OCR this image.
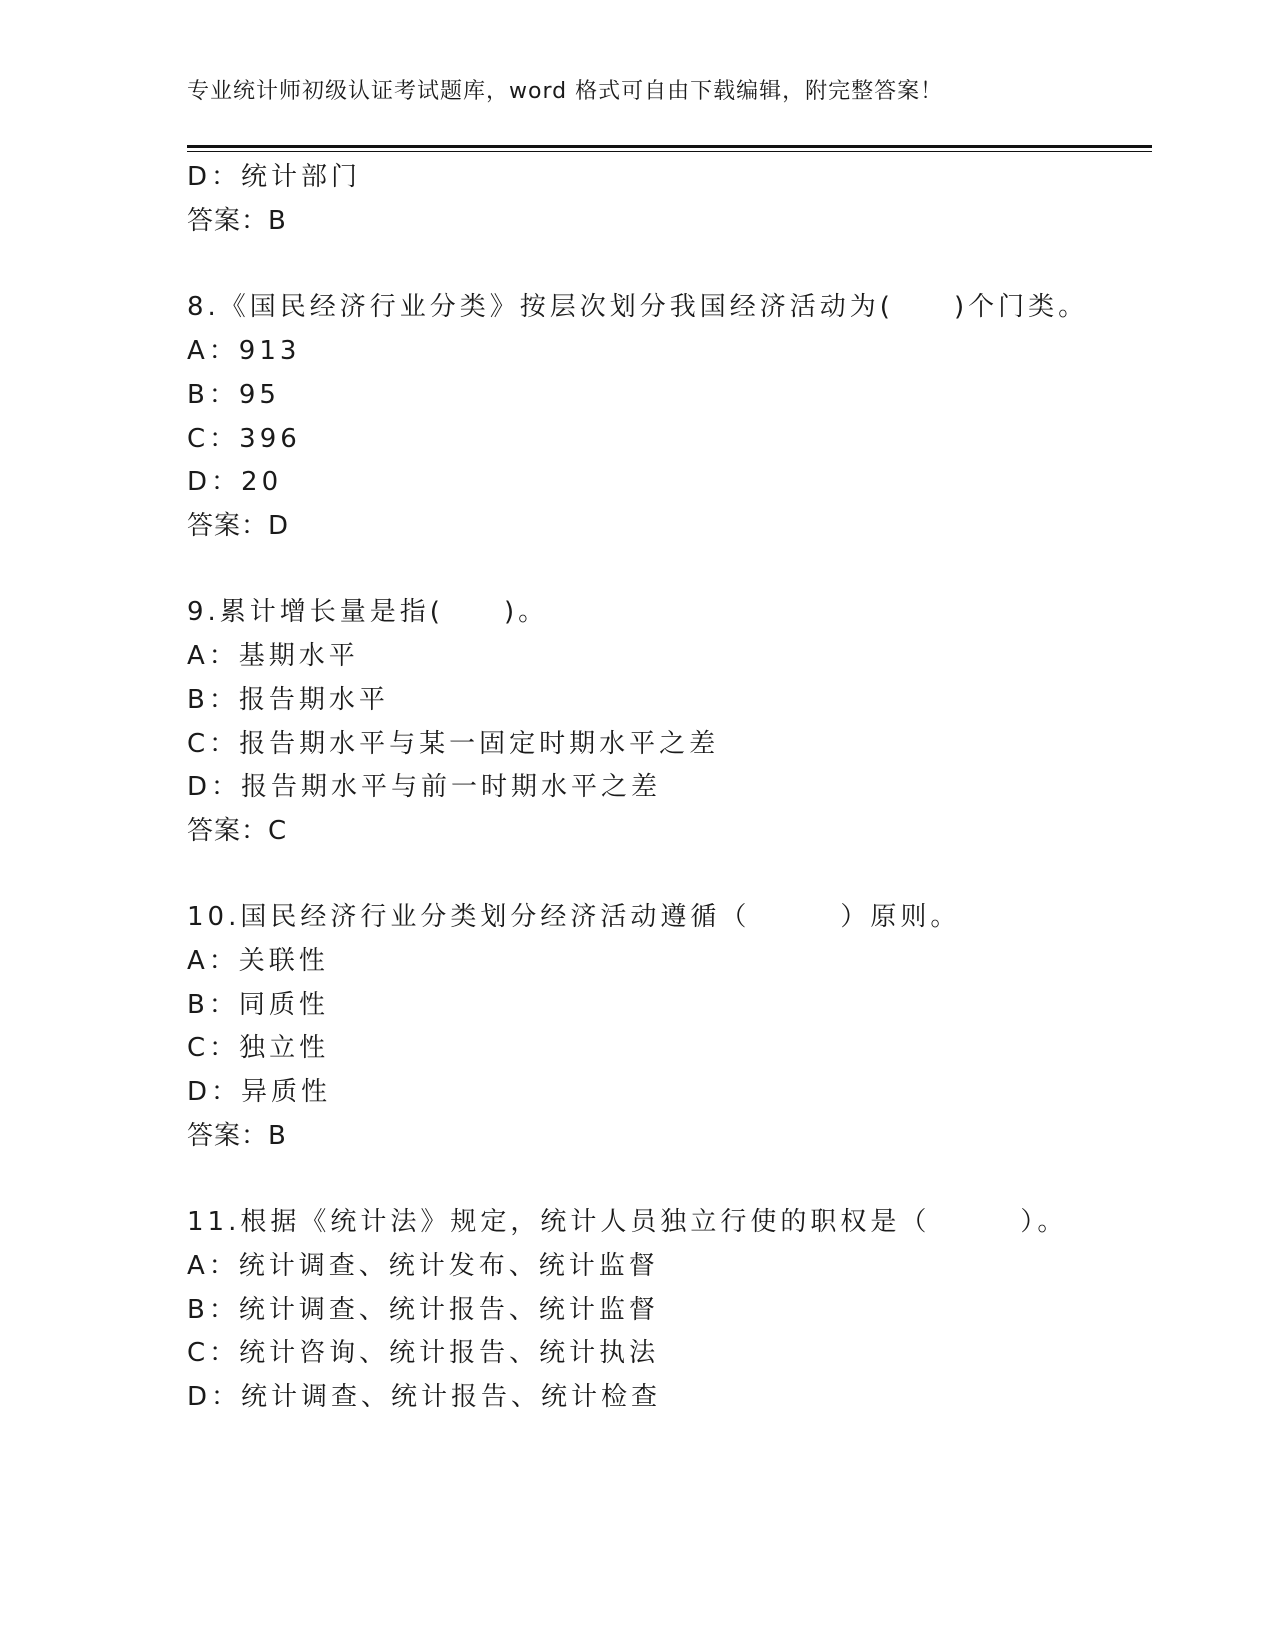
专业统计师初级认证考试题库，word 格式可自由下载编辑，附完整答案！
D：统计部门
答案：B
8.《国民经济行业分类》按层次划分我国经济活动为(　　)个门类。
A：913
B：95
C：396
D：20
答案：D
9.累计增长量是指(　　)。
A：基期水平
B：报告期水平
C：报告期水平与某一固定时期水平之差
D：报告期水平与前一时期水平之差
答案：C
10.国民经济行业分类划分经济活动遵循（　　　）原则。
A：关联性
B：同质性
C：独立性
D：异质性
答案：B
11.根据《统计法》规定，统计人员独立行使的职权是（　　　）。
A：统计调查、统计发布、统计监督
B：统计调查、统计报告、统计监督
C：统计咨询、统计报告、统计执法
D：统计调查、统计报告、统计检查
